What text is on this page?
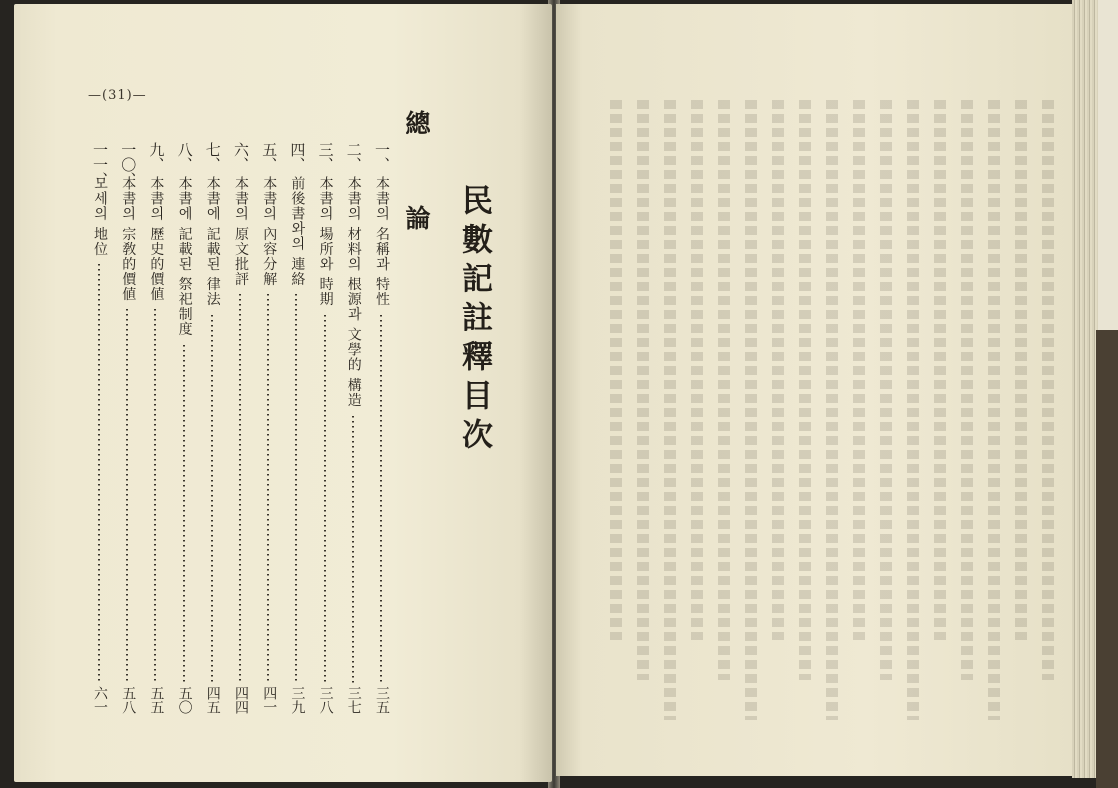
—(31)—
民數記註釋目次
總 論
一、
本書의 名稱과 特性
三五
二、
本書의 材料의 根源과 文學的 構造
三七
三、
本書의 場所와 時期
三八
四、
前後書와의 連絡
三九
五、
本書의 內容分解
四一
六、
本書의 原文批評
四四
七、
本書에 記載된 律法
四五
八、
本書에 記載된 祭祀制度
五〇
九、
本書의 歷史的價値
五五
一〇、
本書의 宗敎的價値
五八
一一、
모세의 地位
六一
